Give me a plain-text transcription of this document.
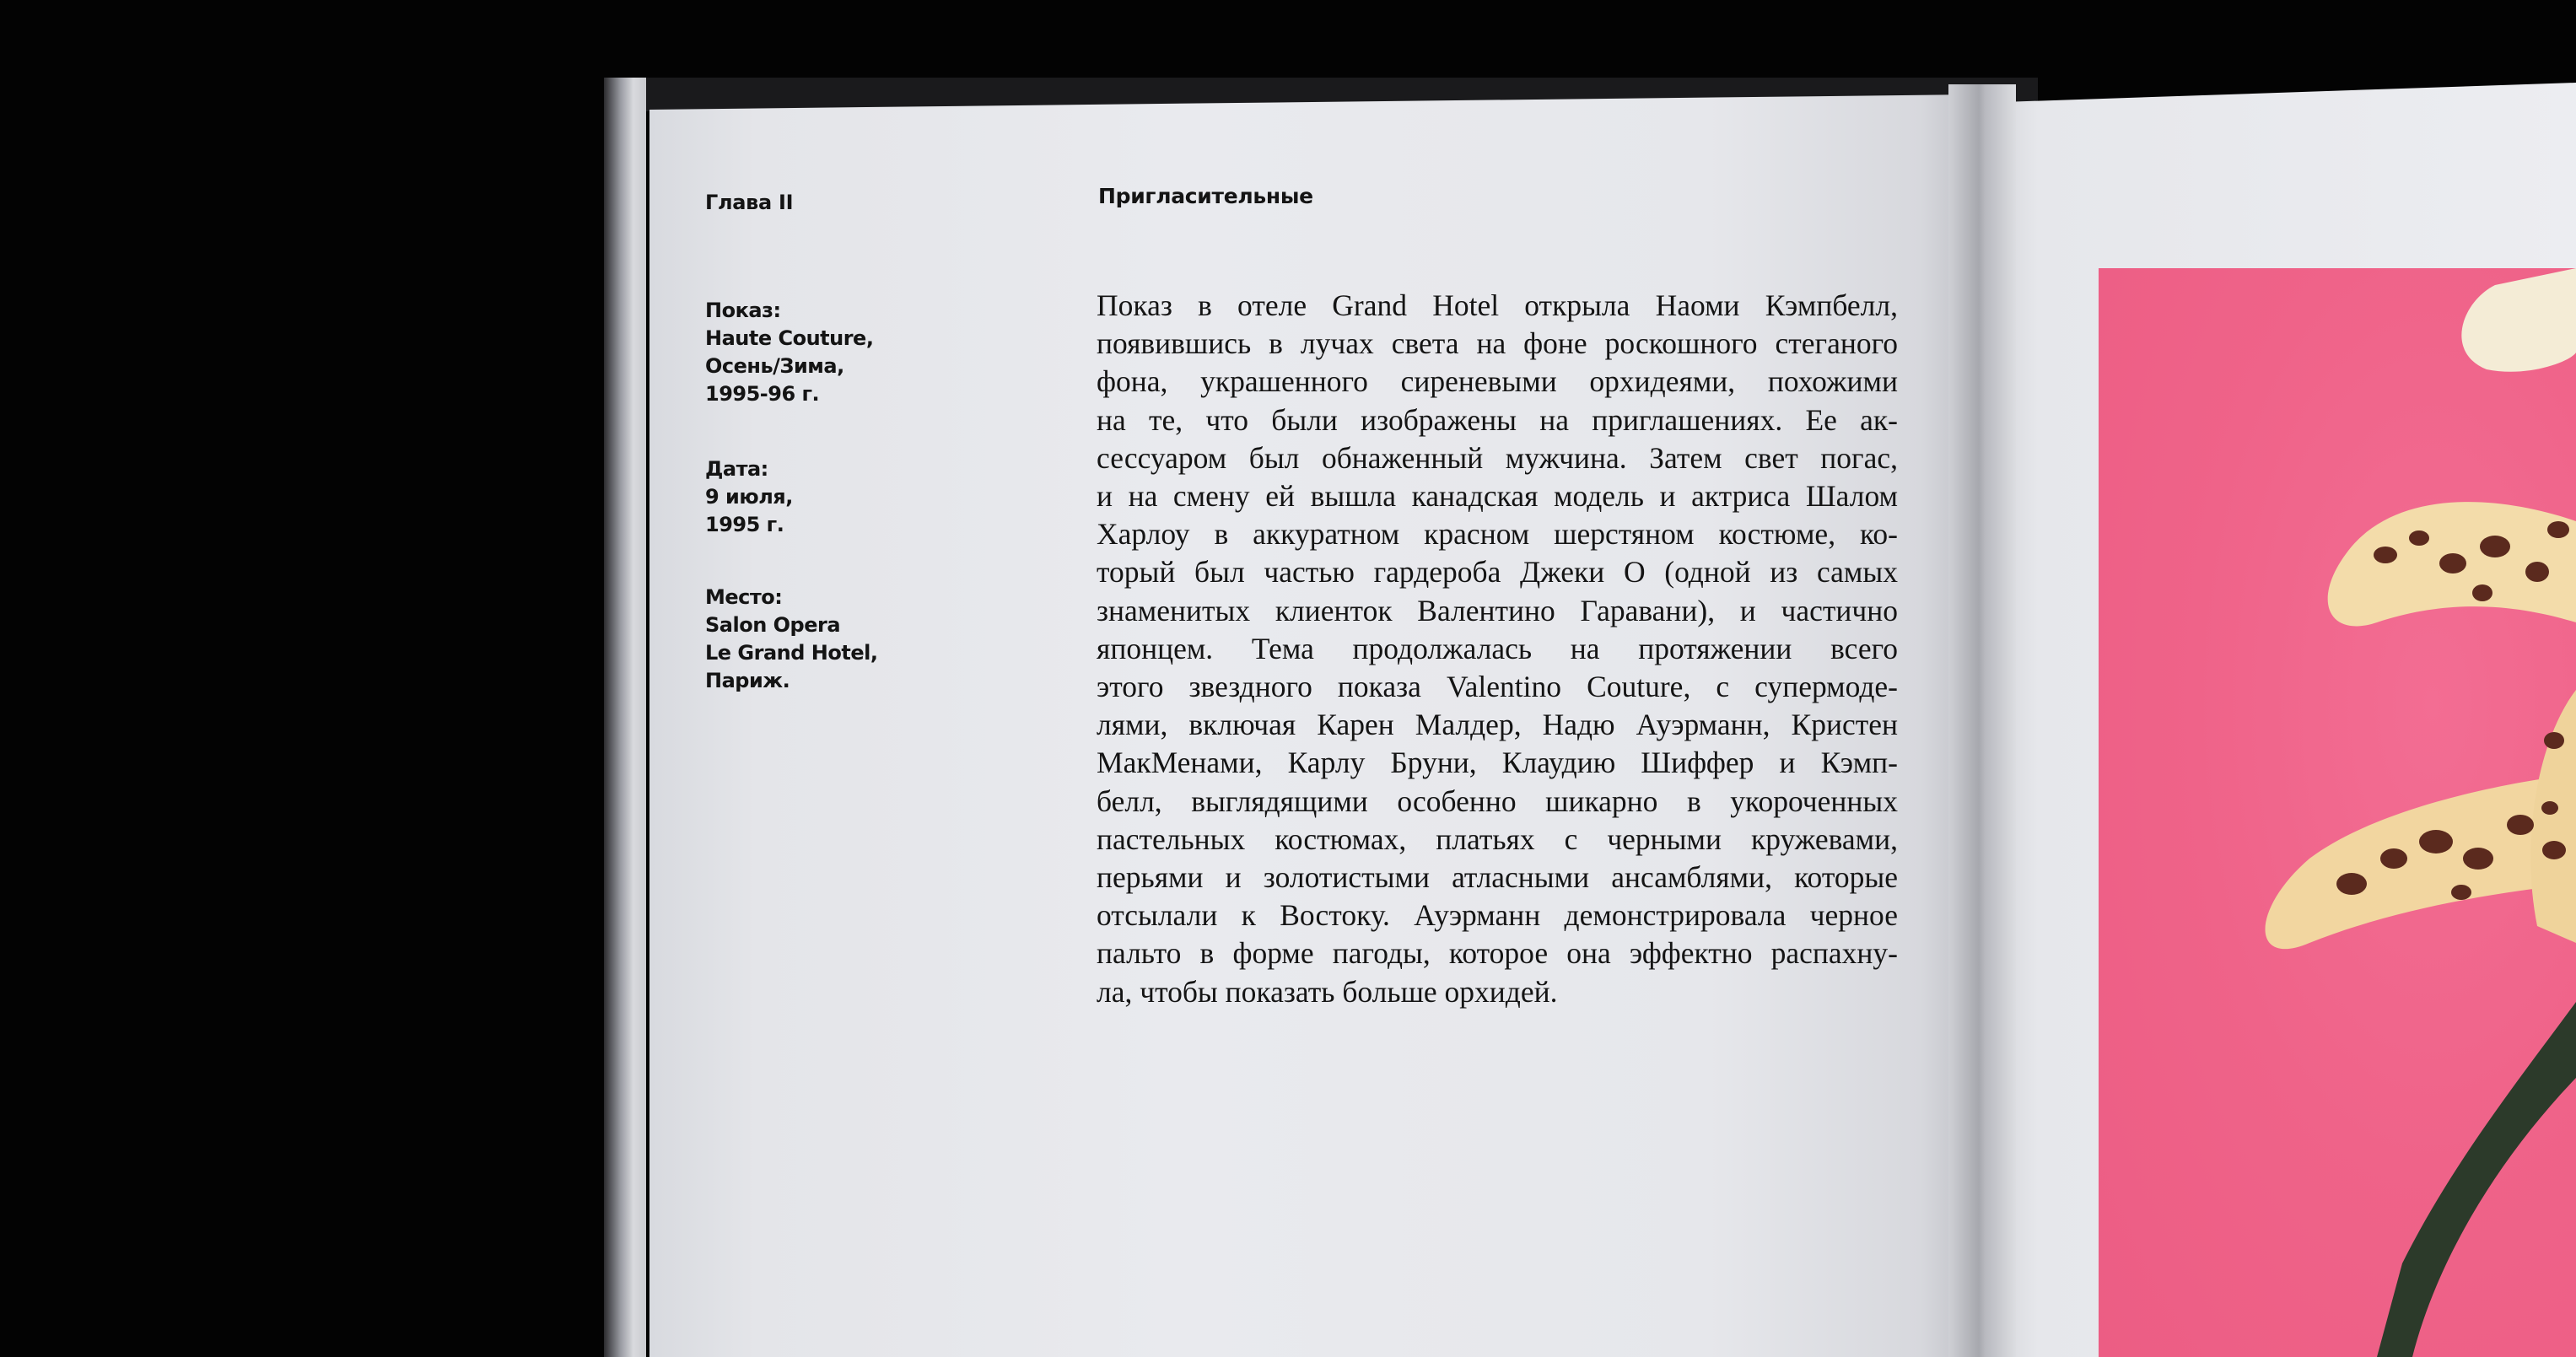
Глава II	Пригласительные
Показ:
Haute Couture,
Осень/Зима,
1995-96 г.
Дата:
9 июля,
1995 г.
Место:
Salon Opera
Le Grand Hotel,
Париж.
Показ в отеле Grand Hotel открыла Наоми Кэмпбелл,
появившись в лучах света на фоне роскошного стеганого
фона, украшенного сиреневыми орхидеями, похожими
на те, что были изображены на приглашениях. Ее ак-
сессуаром был обнаженный мужчина. Затем свет погас,
и на смену ей вышла канадская модель и актриса Шалом
Харлоу в аккуратном красном шерстяном костюме, ко-
торый был частью гардероба Джеки О (одной из самых
знаменитых клиенток Валентино Гаравани), и частично
японцем. Тема продолжалась на протяжении всего
этого звездного показа Valentino Couture, с супермоде-
лями, включая Карен Малдер, Надю Ауэрманн, Кристен
МакМенами, Карлу Бруни, Клаудию Шиффер и Кэмп-
белл, выглядящими особенно шикарно в укороченных
пастельных костюмах, платьях с черными кружевами,
перьями и золотистыми атласными ансамблями, которые
отсылали к Востоку. Ауэрманн демонстрировала черное
пальто в форме пагоды, которое она эффектно распахну-
ла, чтобы показать больше орхидей.
